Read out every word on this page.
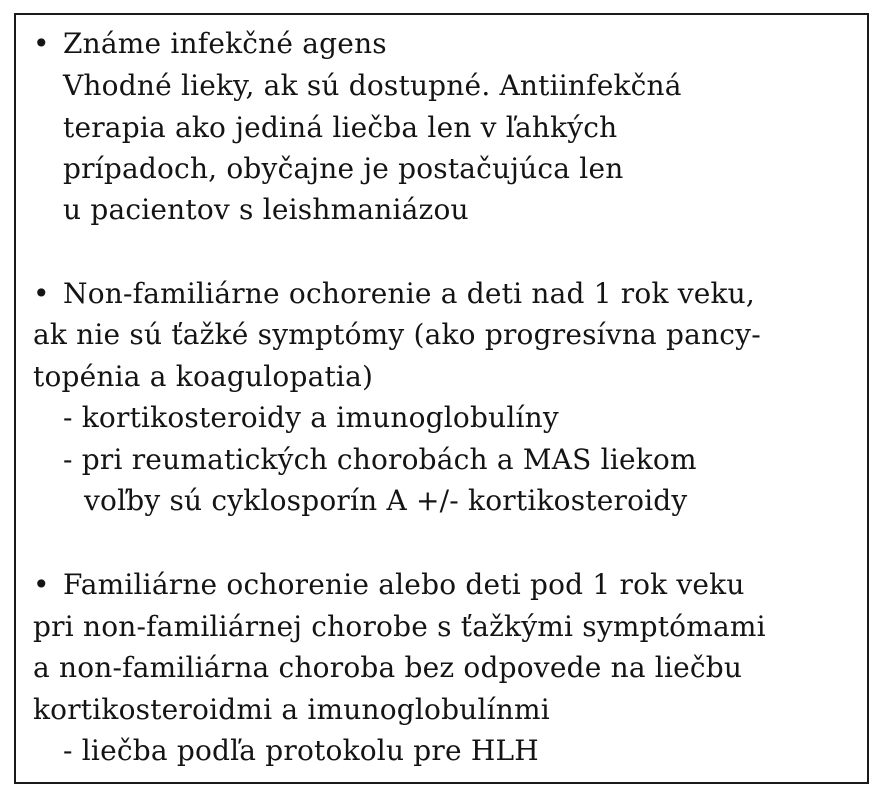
• Známe infekčné agens
Vhodné lieky, ak sú dostupné. Antiinfekčná
terapia ako jediná liečba len v ľahkých
prípadoch, obyčajne je postačujúca len
u pacientov s leishmaniázou
• Non-familiárne ochorenie a deti nad 1 rok veku,
ak nie sú ťažké symptómy (ako progresívna pancy-
topénia a koagulopatia)
- kortikosteroidy a imunoglobulíny
- pri reumatických chorobách a MAS liekom
voľby sú cyklosporín A +/- kortikosteroidy
• Familiárne ochorenie alebo deti pod 1 rok veku
pri non-familiárnej chorobe s ťažkými symptómami
a non-familiárna choroba bez odpovede na liečbu
kortikosteroidmi a imunoglobulínmi
- liečba podľa protokolu pre HLH
